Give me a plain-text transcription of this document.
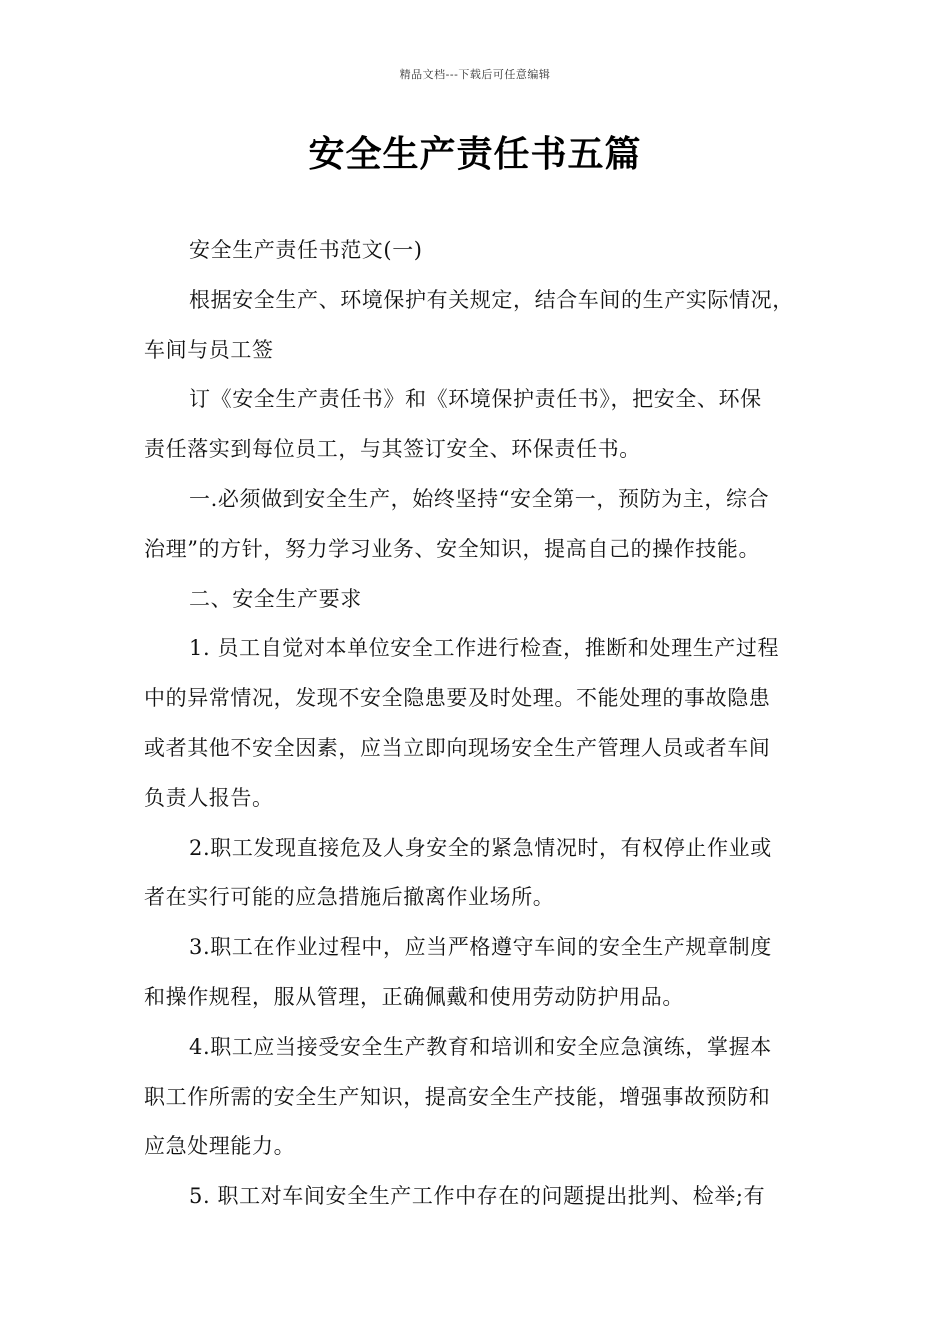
精品文档---下载后可任意编辑
安全生产责任书五篇
安全生产责任书范文(一)
根据安全生产、环境保护有关规定，结合车间的生产实际情况，
车间与员工签
订《安全生产责任书》和《环境保护责任书》，把安全、环保
责任落实到每位员工，与其签订安全、环保责任书。
一.必须做到安全生产，始终坚持“安全第一，预防为主，综合
治理”的方针，努力学习业务、安全知识，提高自己的操作技能。
二、安全生产要求
1. 员工自觉对本单位安全工作进行检查，推断和处理生产过程
中的异常情况，发现不安全隐患要及时处理。不能处理的事故隐患
或者其他不安全因素，应当立即向现场安全生产管理人员或者车间
负责人报告。
2.职工发现直接危及人身安全的紧急情况时，有权停止作业或
者在实行可能的应急措施后撤离作业场所。
3.职工在作业过程中，应当严格遵守车间的安全生产规章制度
和操作规程，服从管理，正确佩戴和使用劳动防护用品。
4.职工应当接受安全生产教育和培训和安全应急演练，掌握本
职工作所需的安全生产知识，提高安全生产技能，增强事故预防和
应急处理能力。
5. 职工对车间安全生产工作中存在的问题提出批判、检举;有
